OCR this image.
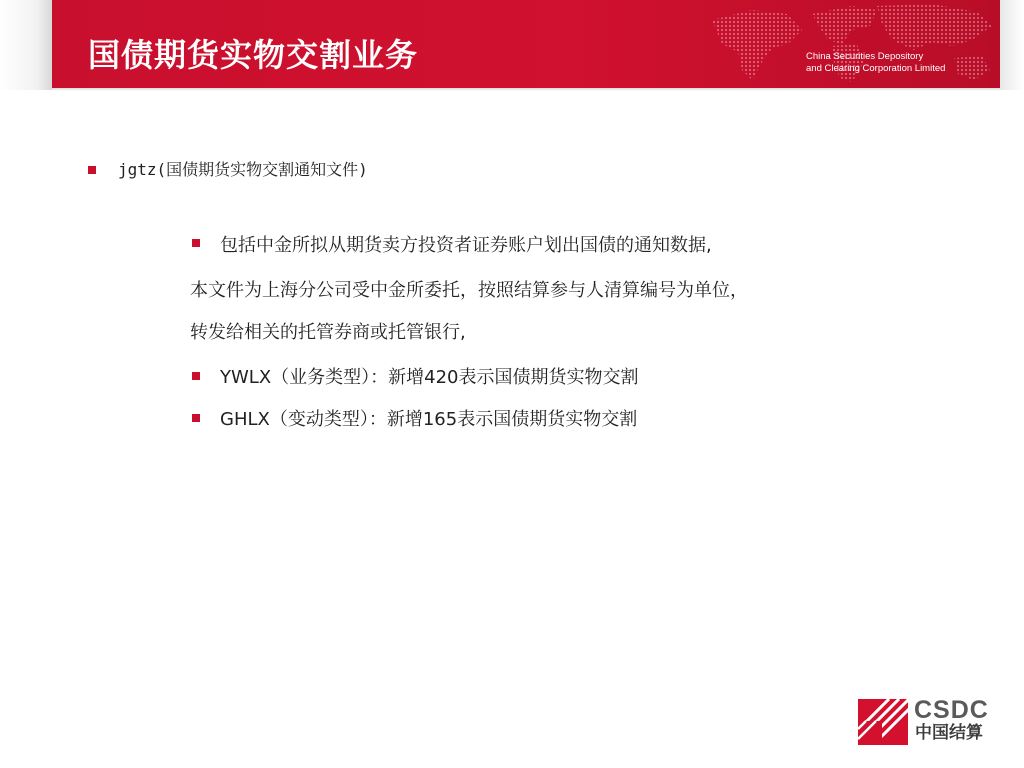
国债期货实物交割业务	China Securities Depository
and Clearing Corporation Limited
jgtz(国债期货实物交割通知文件)
包括中金所拟从期货卖方投资者证券账户划出国债的通知数据,
本文件为上海分公司受中金所委托，按照结算参与人清算编号为单位，
转发给相关的托管券商或托管银行,
YWLX（业务类型）：新增420表示国债期货实物交割
GHLX（变动类型）：新增165表示国债期货实物交割
CSDC
中国结算
